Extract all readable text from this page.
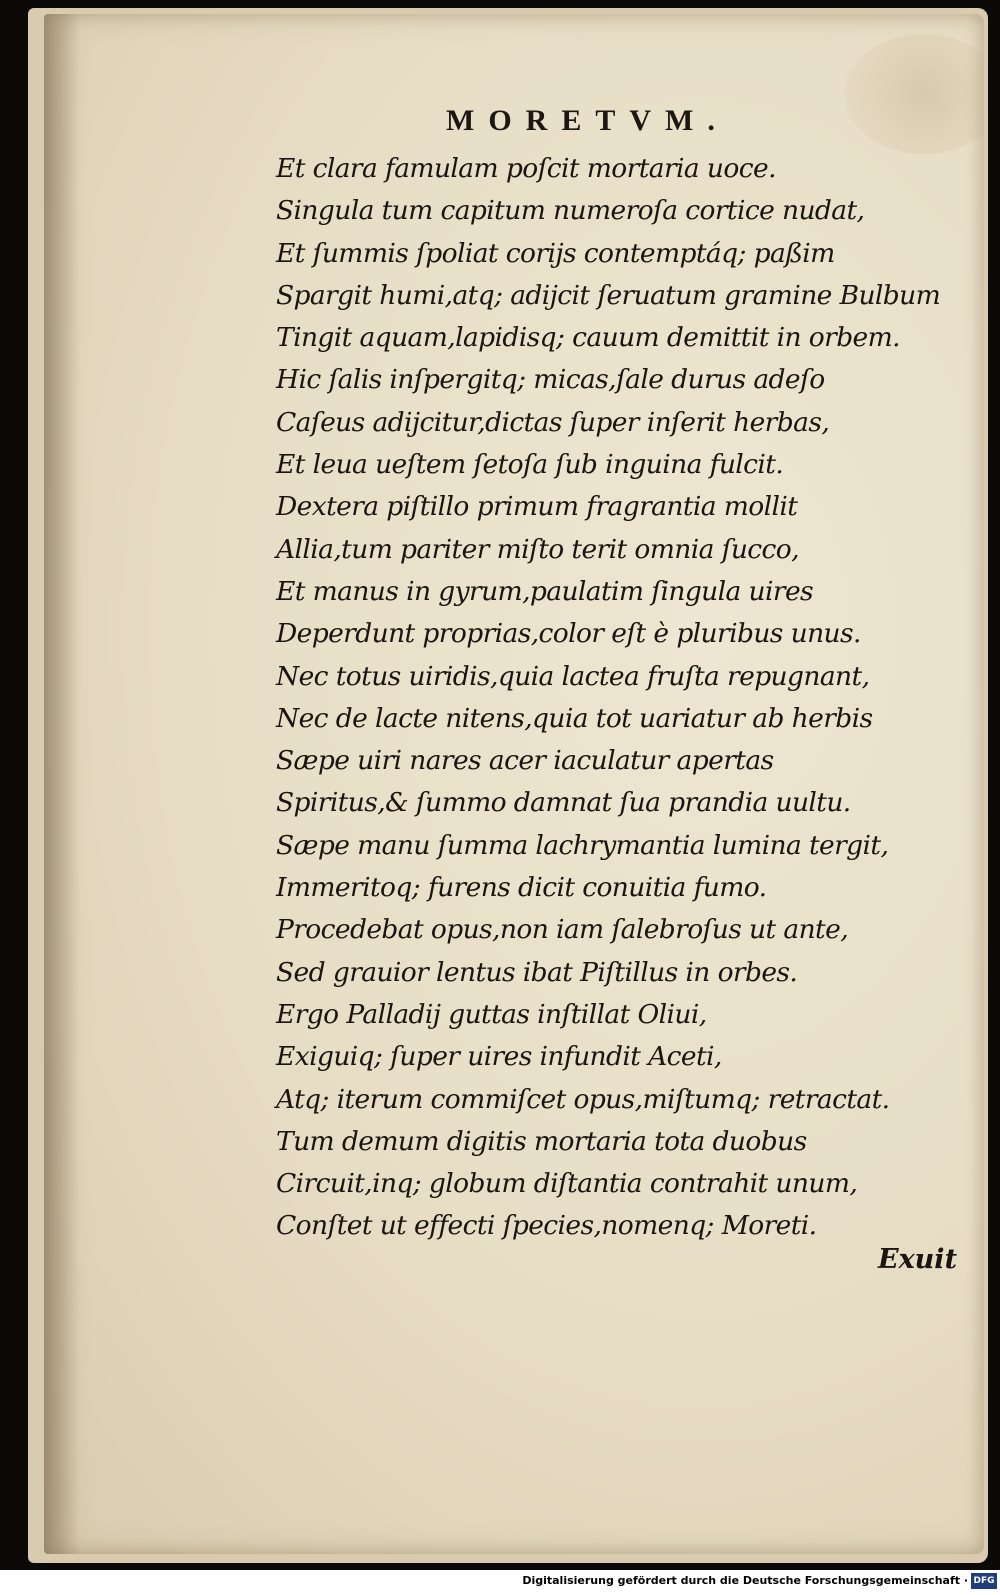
MORETVM.
Et clara famulam poſcit mortaria uoce.
Singula tum capitum numeroſa cortice nudat,
Et ſummis ſpoliat corijs contemptáq; paßim
Spargit humi,atq; adijcit ſeruatum gramine Bulbum
Tingit aquam,lapidisq; cauum demittit in orbem.
Hic ſalis inſpergitq; micas,ſale durus adeſo
Caſeus adijcitur,dictas ſuper inſerit herbas,
Et leua ueſtem ſetoſa ſub inguina fulcit.
Dextera piſtillo primum fragrantia mollit
Allia,tum pariter miſto terit omnia ſucco,
Et manus in gyrum,paulatim ſingula uires
Deperdunt proprias,color eſt è pluribus unus.
Nec totus uiridis,quia lactea fruſta repugnant,
Nec de lacte nitens,quia tot uariatur ab herbis
Sæpe uiri nares acer iaculatur apertas
Spiritus,& ſummo damnat ſua prandia uultu.
Sæpe manu ſumma lachrymantia lumina tergit,
Immeritoq; furens dicit conuitia fumo.
Procedebat opus,non iam ſalebroſus ut ante,
Sed grauior lentus ibat Piſtillus in orbes.
Ergo Palladij guttas inſtillat Oliui,
Exiguiq; ſuper uires infundit Aceti,
Atq; iterum commiſcet opus,miſtumq; retractat.
Tum demum digitis mortaria tota duobus
Circuit,inq; globum diſtantia contrahit unum,
Conſtet ut effecti ſpecies,nomenq; Moreti.
Exuit
Digitalisierung gefördert durch die Deutsche Forschungsgemeinschaft · DFG
